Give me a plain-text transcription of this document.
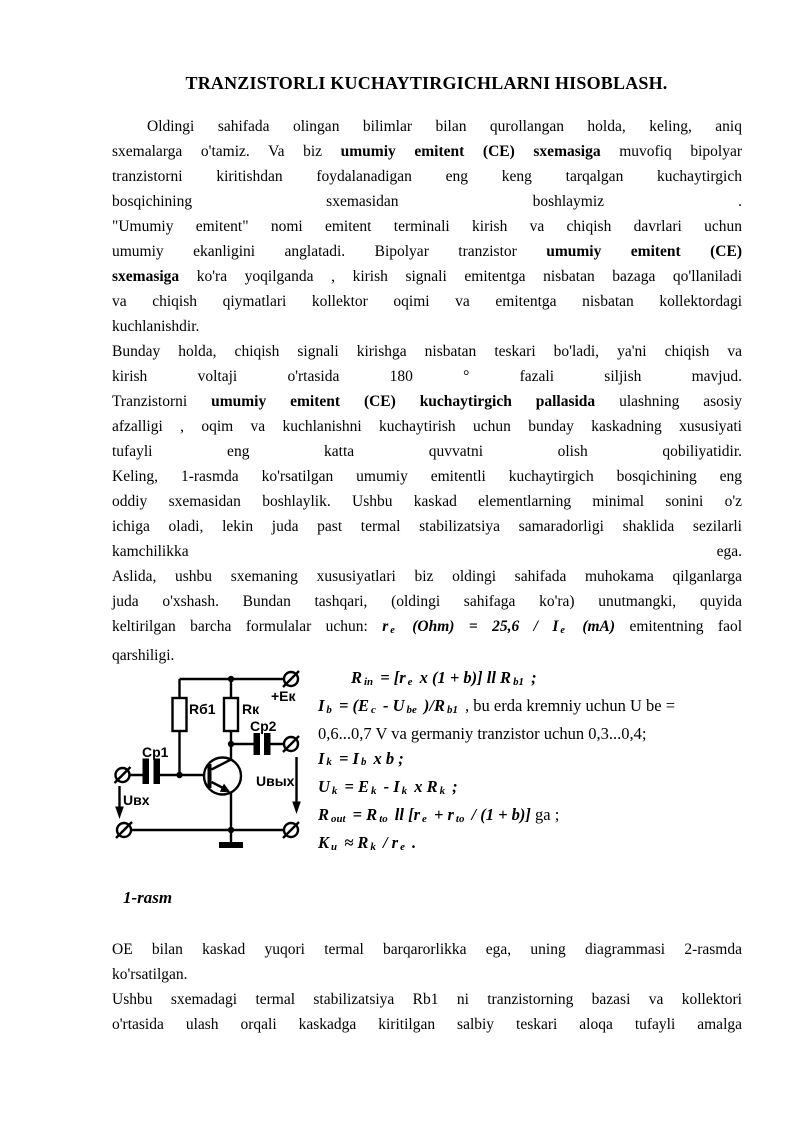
TRANZISTORLI KUCHAYTIRGICHLARNI HISOBLASH.
Oldingi sahifada olingan bilimlar bilan qurollangan holda, keling, aniq
sxemalarga o'tamiz. Va biz umumiy emitent (CE) sxemasiga muvofiq bipolyar
tranzistorni kiritishdan foydalanadigan eng keng tarqalgan kuchaytirgich
bosqichining sxemasidan boshlaymiz .
"Umumiy emitent" nomi emitent terminali kirish va chiqish davrlari uchun
umumiy ekanligini anglatadi. Bipolyar tranzistor umumiy emitent (CE)
sxemasiga ko'ra yoqilganda , kirish signali emitentga nisbatan bazaga qo'llaniladi
va chiqish qiymatlari kollektor oqimi va emitentga nisbatan kollektordagi
kuchlanishdir.
Bunday holda, chiqish signali kirishga nisbatan teskari bo'ladi, ya'ni chiqish va
kirish voltaji o'rtasida 180 ° fazali siljish mavjud.
Tranzistorni umumiy emitent (CE) kuchaytirgich pallasida ulashning asosiy
afzalligi , oqim va kuchlanishni kuchaytirish uchun bunday kaskadning xususiyati
tufayli eng katta quvvatni olish qobiliyatidir.
Keling, 1-rasmda ko'rsatilgan umumiy emitentli kuchaytirgich bosqichining eng
oddiy sxemasidan boshlaylik. Ushbu kaskad elementlarning minimal sonini o'z
ichiga oladi, lekin juda past termal stabilizatsiya samaradorligi shaklida sezilarli
kamchilikka ega.
Aslida, ushbu sxemaning xususiyatlari biz oldingi sahifada muhokama qilganlarga
juda o'xshash. Bundan tashqari, (oldingi sahifaga ko'ra) unutmangki, quyida
keltirilgan barcha formulalar uchun: r e (Ohm) = 25,6 / I e (mA) emitentning faol
qarshiligi.
Rб1 Rк
Cp1
Cp2
+Ек
Uвх
Uвых
Rin = [r e x (1 + b)] ll R b1 ;
Ib = (E c - U be )/R b1 , bu erda kremniy uchun U be =
0,6...0,7 V va germaniy tranzistor uchun 0,3...0,4;
Ik = I b x b ;
Uk = E k - I k x R k ;
Rout = R to ll [r e + r to / (1 + b)] ga ;
Ku ≈ R k / r e .
1-rasm
OE bilan kaskad yuqori termal barqarorlikka ega, uning diagrammasi 2-rasmda
ko'rsatilgan.
Ushbu sxemadagi termal stabilizatsiya Rb1 ni tranzistorning bazasi va kollektori
o'rtasida ulash orqali kaskadga kiritilgan salbiy teskari aloqa tufayli amalga
